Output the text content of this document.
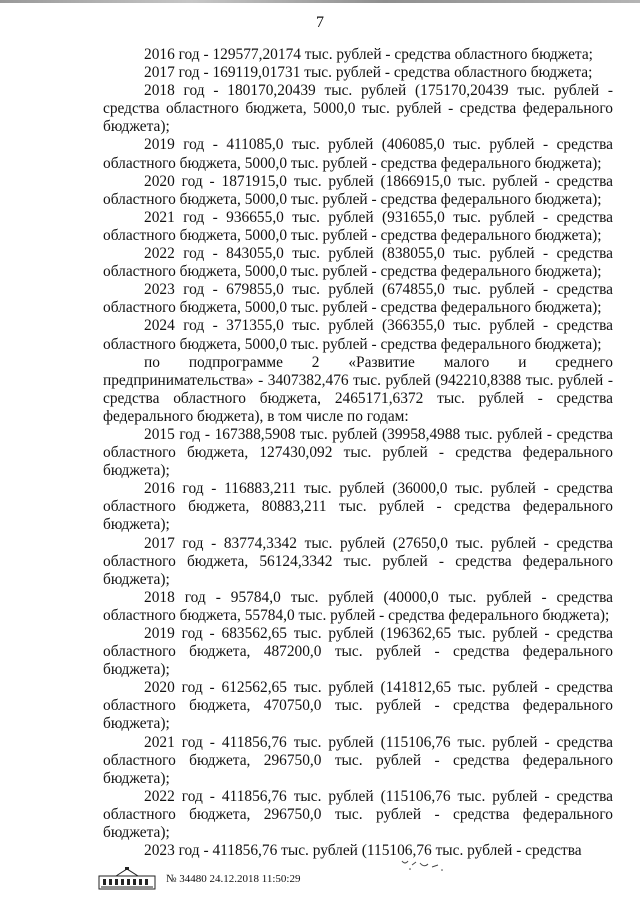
7

2016 год - 129577,20174 тыс. рублей - средства областного бюджета;

2017 год - 169119,01731 тыс. рублей - средства областного бюджета;

2018 год - 180170,20439 тыс. рублей (175170,20439 тыс. рублей - средства областного бюджета, 5000,0 тыс. рублей - средства федерального бюджета);

2019 год - 411085,0 тыс. рублей (406085,0 тыс. рублей - средства областного бюджета, 5000,0 тыс. рублей - средства федерального бюджета);

2020 год - 1871915,0 тыс. рублей (1866915,0 тыс. рублей - средства областного бюджета, 5000,0 тыс. рублей - средства федерального бюджета);

2021 год - 936655,0 тыс. рублей (931655,0 тыс. рублей - средства областного бюджета, 5000,0 тыс. рублей - средства федерального бюджета);

2022 год - 843055,0 тыс. рублей (838055,0 тыс. рублей - средства областного бюджета, 5000,0 тыс. рублей - средства федерального бюджета);

2023 год - 679855,0 тыс. рублей (674855,0 тыс. рублей - средства областного бюджета, 5000,0 тыс. рублей - средства федерального бюджета);

2024 год - 371355,0 тыс. рублей (366355,0 тыс. рублей - средства областного бюджета, 5000,0 тыс. рублей - средства федерального бюджета);

по подпрограмме 2 «Развитие малого и среднего предпринимательства» - 3407382,476 тыс. рублей (942210,8388 тыс. рублей - средства областного бюджета, 2465171,6372 тыс. рублей - средства федерального бюджета), в том числе по годам:

2015 год - 167388,5908 тыс. рублей (39958,4988 тыс. рублей - средства областного бюджета, 127430,092 тыс. рублей - средства федерального бюджета);

2016 год - 116883,211 тыс. рублей (36000,0 тыс. рублей - средства областного бюджета, 80883,211 тыс. рублей - средства федерального бюджета);

2017 год - 83774,3342 тыс. рублей (27650,0 тыс. рублей - средства областного бюджета, 56124,3342 тыс. рублей - средства федерального бюджета);

2018 год - 95784,0 тыс. рублей (40000,0 тыс. рублей - средства областного бюджета, 55784,0 тыс. рублей - средства федерального бюджета);

2019 год - 683562,65 тыс. рублей (196362,65 тыс. рублей - средства областного бюджета, 487200,0 тыс. рублей - средства федерального бюджета);

2020 год - 612562,65 тыс. рублей (141812,65 тыс. рублей - средства областного бюджета, 470750,0 тыс. рублей - средства федерального бюджета);

2021 год - 411856,76 тыс. рублей (115106,76 тыс. рублей - средства областного бюджета, 296750,0 тыс. рублей - средства федерального бюджета);

2022 год - 411856,76 тыс. рублей (115106,76 тыс. рублей - средства областного бюджета, 296750,0 тыс. рублей - средства федерального бюджета);

2023 год - 411856,76 тыс. рублей (115106,76 тыс. рублей - средства

№ 34480 24.12.2018 11:50:29
